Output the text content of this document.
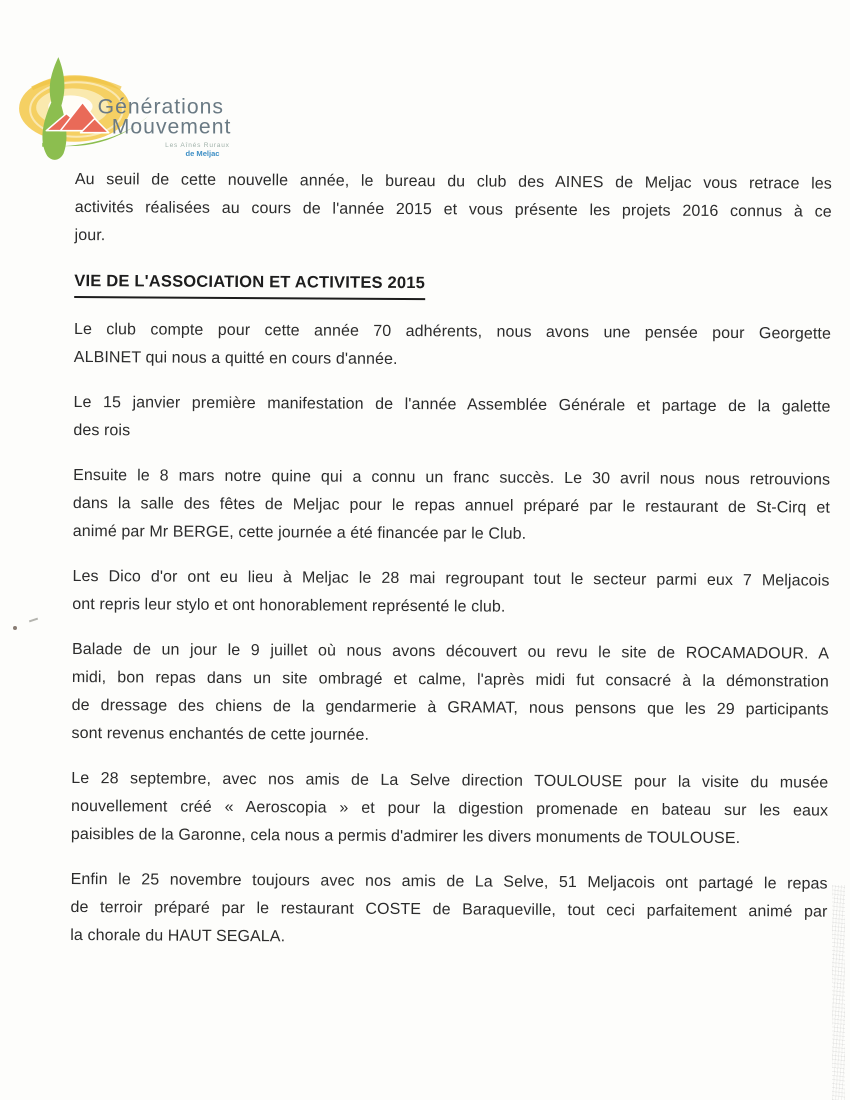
Générations
Mouvement
Les Aînés Ruraux
de Meljac
Au seuil de cette nouvelle année, le bureau du club des AINES de Meljac vous retrace les
activités réalisées au cours de l'année 2015 et vous présente les projets 2016 connus à ce
jour.
VIE DE L'ASSOCIATION ET ACTIVITES 2015
Le club compte pour cette année 70 adhérents, nous avons une pensée pour Georgette
ALBINET qui nous a quitté en cours d'année.
Le 15 janvier première manifestation de l'année Assemblée Générale et partage de la galette
des rois
Ensuite le 8 mars notre quine qui a connu un franc succès. Le 30 avril nous nous retrouvions
dans la salle des fêtes de Meljac pour le repas annuel préparé par le restaurant de St-Cirq et
animé par Mr BERGE, cette journée a été financée par le Club.
Les Dico d'or ont eu lieu à Meljac le 28 mai regroupant tout le secteur parmi eux 7 Meljacois
ont repris leur stylo et ont honorablement représenté le club.
Balade de un jour le 9 juillet où nous avons découvert ou revu le site de ROCAMADOUR. A
midi, bon repas dans un site ombragé et calme, l'après midi fut consacré à la démonstration
de dressage des chiens de la gendarmerie à GRAMAT, nous pensons que les 29 participants
sont revenus enchantés de cette journée.
Le 28 septembre, avec nos amis de La Selve direction TOULOUSE pour la visite du musée
nouvellement créé « Aeroscopia » et pour la digestion promenade en bateau sur les eaux
paisibles de la Garonne, cela nous a permis d'admirer les divers monuments de TOULOUSE.
Enfin le 25 novembre toujours avec nos amis de La Selve, 51 Meljacois ont partagé le repas
de terroir préparé par le restaurant COSTE de Baraqueville, tout ceci parfaitement animé par
la chorale du HAUT SEGALA.
